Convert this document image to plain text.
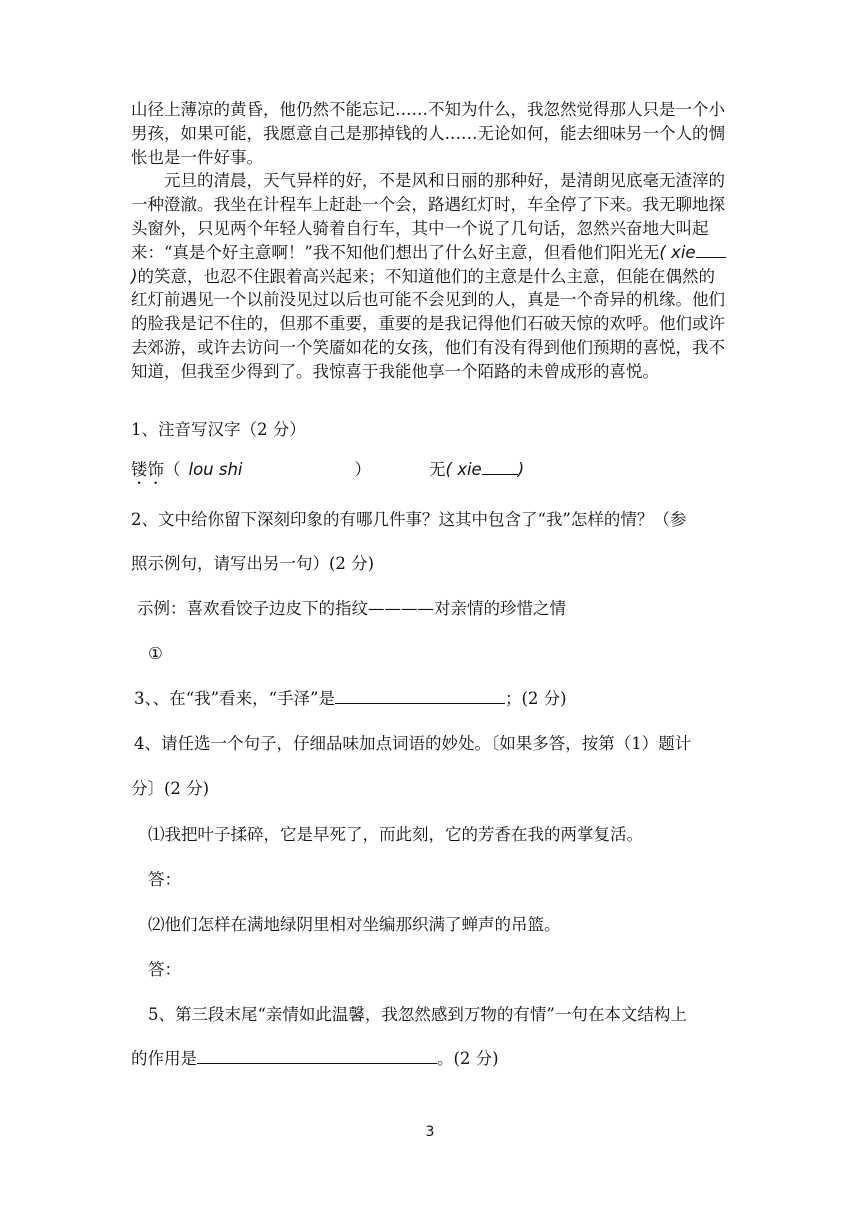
山径上薄凉的黄昏，他仍然不能忘记……不知为什么，我忽然觉得那人只是一个小男孩，如果可能，我愿意自己是那掉钱的人……无论如何，能去细味另一个人的惆怅也是一件好事。

元旦的清晨，天气异样的好，不是风和日丽的那种好，是清朗见底毫无渣滓的一种澄澈。我坐在计程车上赶赴一个会，路遇红灯时，车全停了下来。我无聊地探头窗外，只见两个年轻人骑着自行车，其中一个说了几句话，忽然兴奋地大叫起来：“真是个好主意啊！”我不知他们想出了什么好主意，但看他们阳光无( xie)的笑意，也忍不住跟着高兴起来；不知道他们的主意是什么主意，但能在偶然的红灯前遇见一个以前没见过以后也可能不会见到的人，真是一个奇异的机缘。他们的脸我是记不住的，但那不重要，重要的是我记得他们石破天惊的欢呼。他们或许去郊游，或许去访问一个笑靥如花的女孩，他们有没有得到他们预期的喜悦，我不知道，但我至少得到了。我惊喜于我能他享一个陌路的未曾成形的喜悦。

1、注音写汉字（2 分）
镂饰（ lou shi	）	无( xie )
2、文中给你留下深刻印象的有哪几件事？这其中包含了“我”怎样的情？（参
照示例句，请写出另一句）(2 分)
示例：喜欢看饺子边皮下的指纹————对亲情的珍惜之情
①
3、、在“我”看来，“手泽”是	；(2 分)
4、请任选一个句子，仔细品味加点词语的妙处。〔如果多答，按第（1）题计
分〕(2 分)
⑴我把叶子揉碎，它是早死了，而此刻，它的芳香在我的两掌复活。
答：
⑵他们怎样在满地绿阴里相对坐编那织满了蝉声的吊篮。
答：
5、第三段末尾“亲情如此温馨，我忽然感到万物的有情”一句在本文结构上
的作用是	。(2 分)
3
